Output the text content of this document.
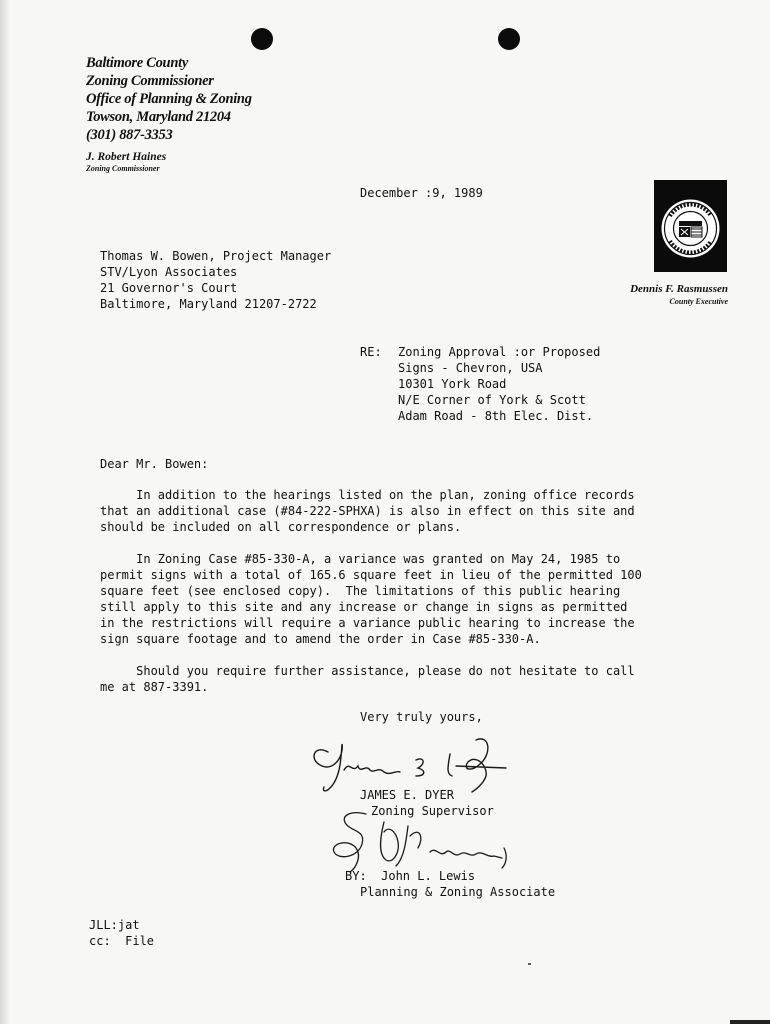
Baltimore County
Zoning Commissioner
Office of Planning & Zoning
Towson, Maryland 21204
(301) 887-3353
J. Robert Haines
Zoning Commissioner
Dennis F. Rasmussen
County Executive
December :9, 1989
Thomas W. Bowen, Project Manager
STV/Lyon Associates
21 Governor's Court
Baltimore, Maryland 21207-2722
RE: Zoning Approval :or Proposed
Signs - Chevron, USA
10301 York Road
N/E Corner of York & Scott
Adam Road - 8th Elec. Dist.
Dear Mr. Bowen:
In addition to the hearings listed on the plan, zoning office records
that an additional case (#84-222-SPHXA) is also in effect on this site and
should be included on all correspondence or plans.
In Zoning Case #85-330-A, a variance was granted on May 24, 1985 to
permit signs with a total of 165.6 square feet in lieu of the permitted 100
square feet (see enclosed copy).  The limitations of this public hearing
still apply to this site and any increase or change in signs as permitted
in the restrictions will require a variance public hearing to increase the
sign square footage and to amend the order in Case #85-330-A.
Should you require further assistance, please do not hesitate to call
me at 887-3391.
Very truly yours,
JAMES E. DYER
Zoning Supervisor
BY:  John L. Lewis
Planning & Zoning Associate
JLL:jat
cc:  File
